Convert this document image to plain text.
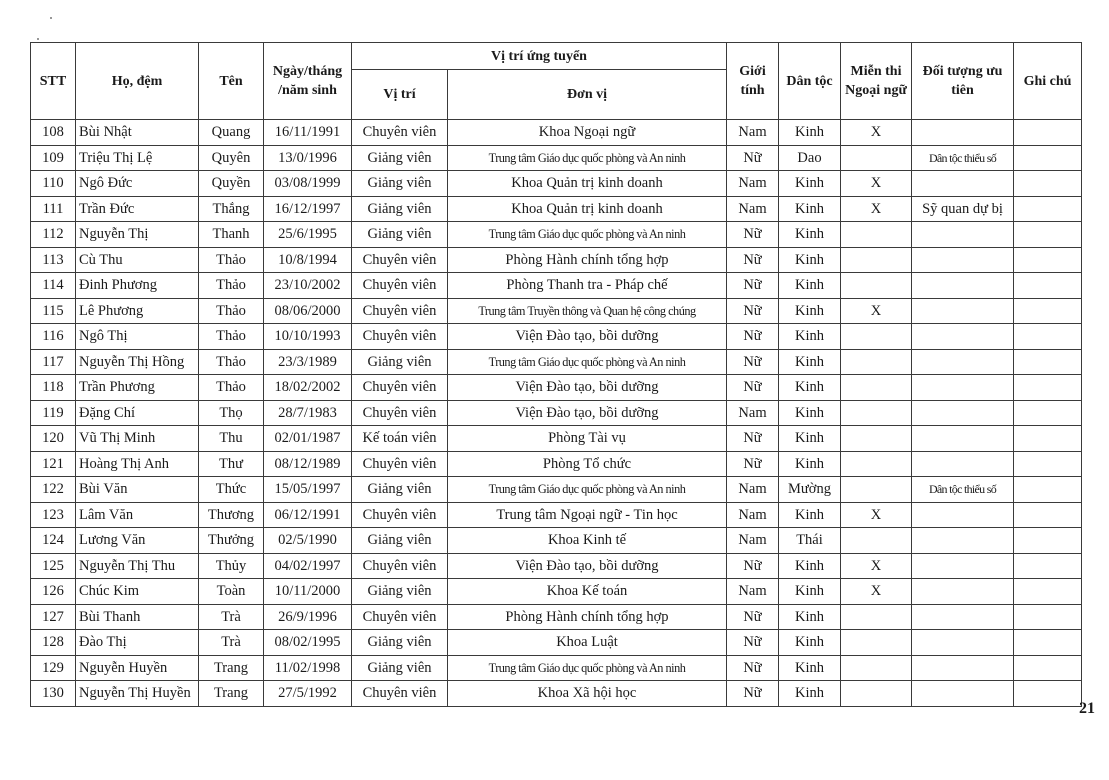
STT	Họ, đệm	Tên	Ngày/tháng /năm sinh	Vị trí ứng tuyển		Giới tính	Dân tộc	Miễn thi Ngoại ngữ	Đối tượng ưu tiên	Ghi chú
				Vị trí	Đơn vị					
108	Bùi Nhật	Quang	16/11/1991	Chuyên viên	Khoa Ngoại ngữ	Nam	Kinh	X		
109	Triệu Thị Lệ	Quyên	13/0/1996	Giảng viên	Trung tâm Giáo dục quốc phòng và An ninh	Nữ	Dao		Dân tộc thiểu số	
110	Ngô Đức	Quyền	03/08/1999	Giảng viên	Khoa Quản trị kinh doanh	Nam	Kinh	X		
111	Trần Đức	Thắng	16/12/1997	Giảng viên	Khoa Quản trị kinh doanh	Nam	Kinh	X	Sỹ quan dự bị	
112	Nguyễn Thị	Thanh	25/6/1995	Giảng viên	Trung tâm Giáo dục quốc phòng và An ninh	Nữ	Kinh			
113	Cù Thu	Thảo	10/8/1994	Chuyên viên	Phòng Hành chính tổng hợp	Nữ	Kinh			
114	Đinh Phương	Thảo	23/10/2002	Chuyên viên	Phòng Thanh tra - Pháp chế	Nữ	Kinh			
115	Lê Phương	Thảo	08/06/2000	Chuyên viên	Trung tâm Truyền thông và Quan hệ công chúng	Nữ	Kinh	X		
116	Ngô Thị	Thảo	10/10/1993	Chuyên viên	Viện Đào tạo, bồi dưỡng	Nữ	Kinh			
117	Nguyễn Thị Hồng	Thảo	23/3/1989	Giảng viên	Trung tâm Giáo dục quốc phòng và An ninh	Nữ	Kinh			
118	Trần Phương	Thảo	18/02/2002	Chuyên viên	Viện Đào tạo, bồi dưỡng	Nữ	Kinh			
119	Đặng Chí	Thọ	28/7/1983	Chuyên viên	Viện Đào tạo, bồi dưỡng	Nam	Kinh			
120	Vũ Thị Minh	Thu	02/01/1987	Kế toán viên	Phòng Tài vụ	Nữ	Kinh			
121	Hoàng Thị Anh	Thư	08/12/1989	Chuyên viên	Phòng Tổ chức	Nữ	Kinh			
122	Bùi Văn	Thức	15/05/1997	Giảng viên	Trung tâm Giáo dục quốc phòng và An ninh	Nam	Mường		Dân tộc thiểu số	
123	Lâm Văn	Thương	06/12/1991	Chuyên viên	Trung tâm Ngoại ngữ - Tin học	Nam	Kinh	X		
124	Lương Văn	Thưởng	02/5/1990	Giảng viên	Khoa Kinh tế	Nam	Thái			
125	Nguyễn Thị Thu	Thủy	04/02/1997	Chuyên viên	Viện Đào tạo, bồi dưỡng	Nữ	Kinh	X		
126	Chúc Kim	Toàn	10/11/2000	Giảng viên	Khoa Kế toán	Nam	Kinh	X		
127	Bùi Thanh	Trà	26/9/1996	Chuyên viên	Phòng Hành chính tổng hợp	Nữ	Kinh			
128	Đào Thị	Trà	08/02/1995	Giảng viên	Khoa Luật	Nữ	Kinh			
129	Nguyễn Huyền	Trang	11/02/1998	Giảng viên	Trung tâm Giáo dục quốc phòng và An ninh	Nữ	Kinh			
130	Nguyễn Thị Huyền	Trang	27/5/1992	Chuyên viên	Khoa Xã hội học	Nữ	Kinh			
21
